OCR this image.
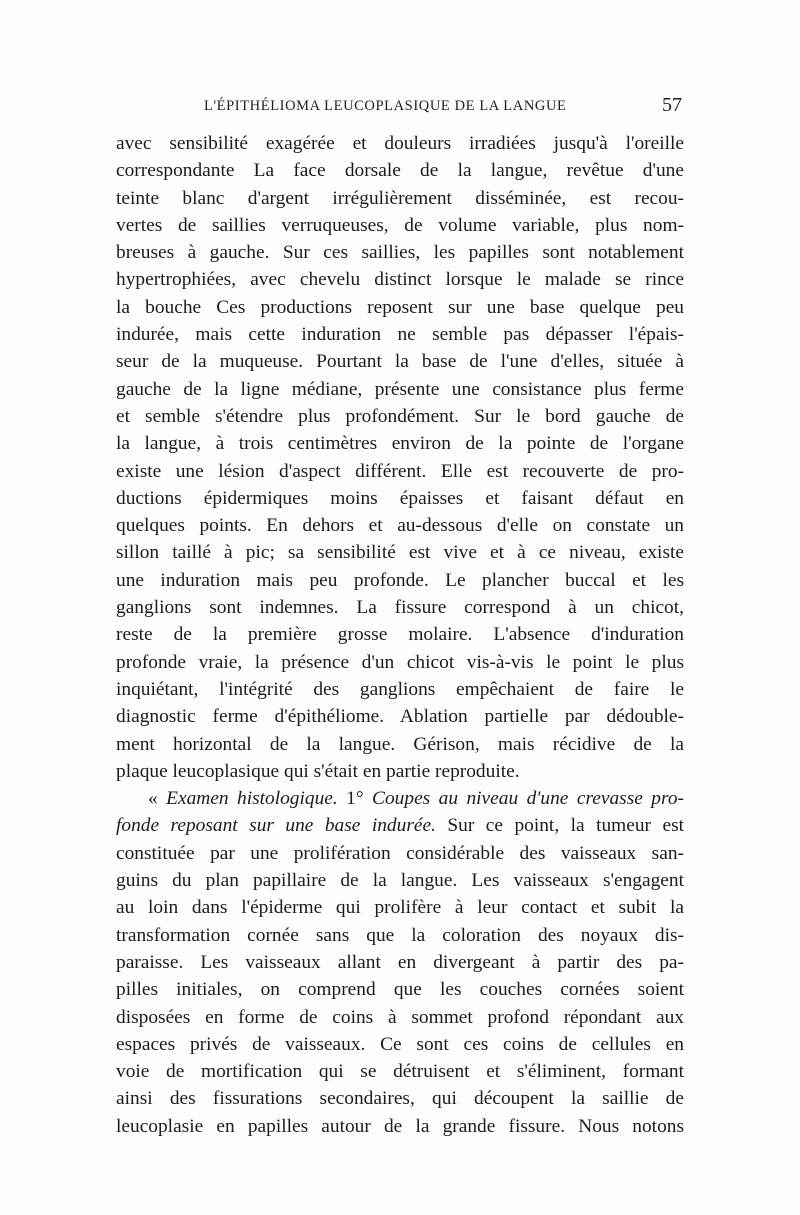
L'ÉPITHÉLIOMA LEUCOPLASIQUE DE LA LANGUE	57
avec sensibilité exagérée et douleurs irradiées jusqu'à l'oreille
correspondante La face dorsale de la langue, revêtue d'une
teinte blanc d'argent irrégulièrement disséminée, est recou-
vertes de saillies verruqueuses, de volume variable, plus nom-
breuses à gauche. Sur ces saillies, les papilles sont notablement
hypertrophiées, avec chevelu distinct lorsque le malade se rince
la bouche Ces productions reposent sur une base quelque peu
indurée, mais cette induration ne semble pas dépasser l'épais-
seur de la muqueuse. Pourtant la base de l'une d'elles, située à
gauche de la ligne médiane, présente une consistance plus ferme
et semble s'étendre plus profondément. Sur le bord gauche de
la langue, à trois centimètres environ de la pointe de l'organe
existe une lésion d'aspect différent. Elle est recouverte de pro-
ductions épidermiques moins épaisses et faisant défaut en
quelques points. En dehors et au-dessous d'elle on constate un
sillon taillé à pic; sa sensibilité est vive et à ce niveau, existe
une induration mais peu profonde. Le plancher buccal et les
ganglions sont indemnes. La fissure correspond à un chicot,
reste de la première grosse molaire. L'absence d'induration
profonde vraie, la présence d'un chicot vis-à-vis le point le plus
inquiétant, l'intégrité des ganglions empêchaient de faire le
diagnostic ferme d'épithéliome. Ablation partielle par dédouble-
ment horizontal de la langue. Gérison, mais récidive de la
plaque leucoplasique qui s'était en partie reproduite.
« Examen histologique. 1° Coupes au niveau d'une crevasse pro-
fonde reposant sur une base indurée. Sur ce point, la tumeur est
constituée par une prolifération considérable des vaisseaux san-
guins du plan papillaire de la langue. Les vaisseaux s'engagent
au loin dans l'épiderme qui prolifère à leur contact et subit la
transformation cornée sans que la coloration des noyaux dis-
paraisse. Les vaisseaux allant en divergeant à partir des pa-
pilles initiales, on comprend que les couches cornées soient
disposées en forme de coins à sommet profond répondant aux
espaces privés de vaisseaux. Ce sont ces coins de cellules en
voie de mortification qui se détruisent et s'éliminent, formant
ainsi des fissurations secondaires, qui découpent la saillie de
leucoplasie en papilles autour de la grande fissure. Nous notons
